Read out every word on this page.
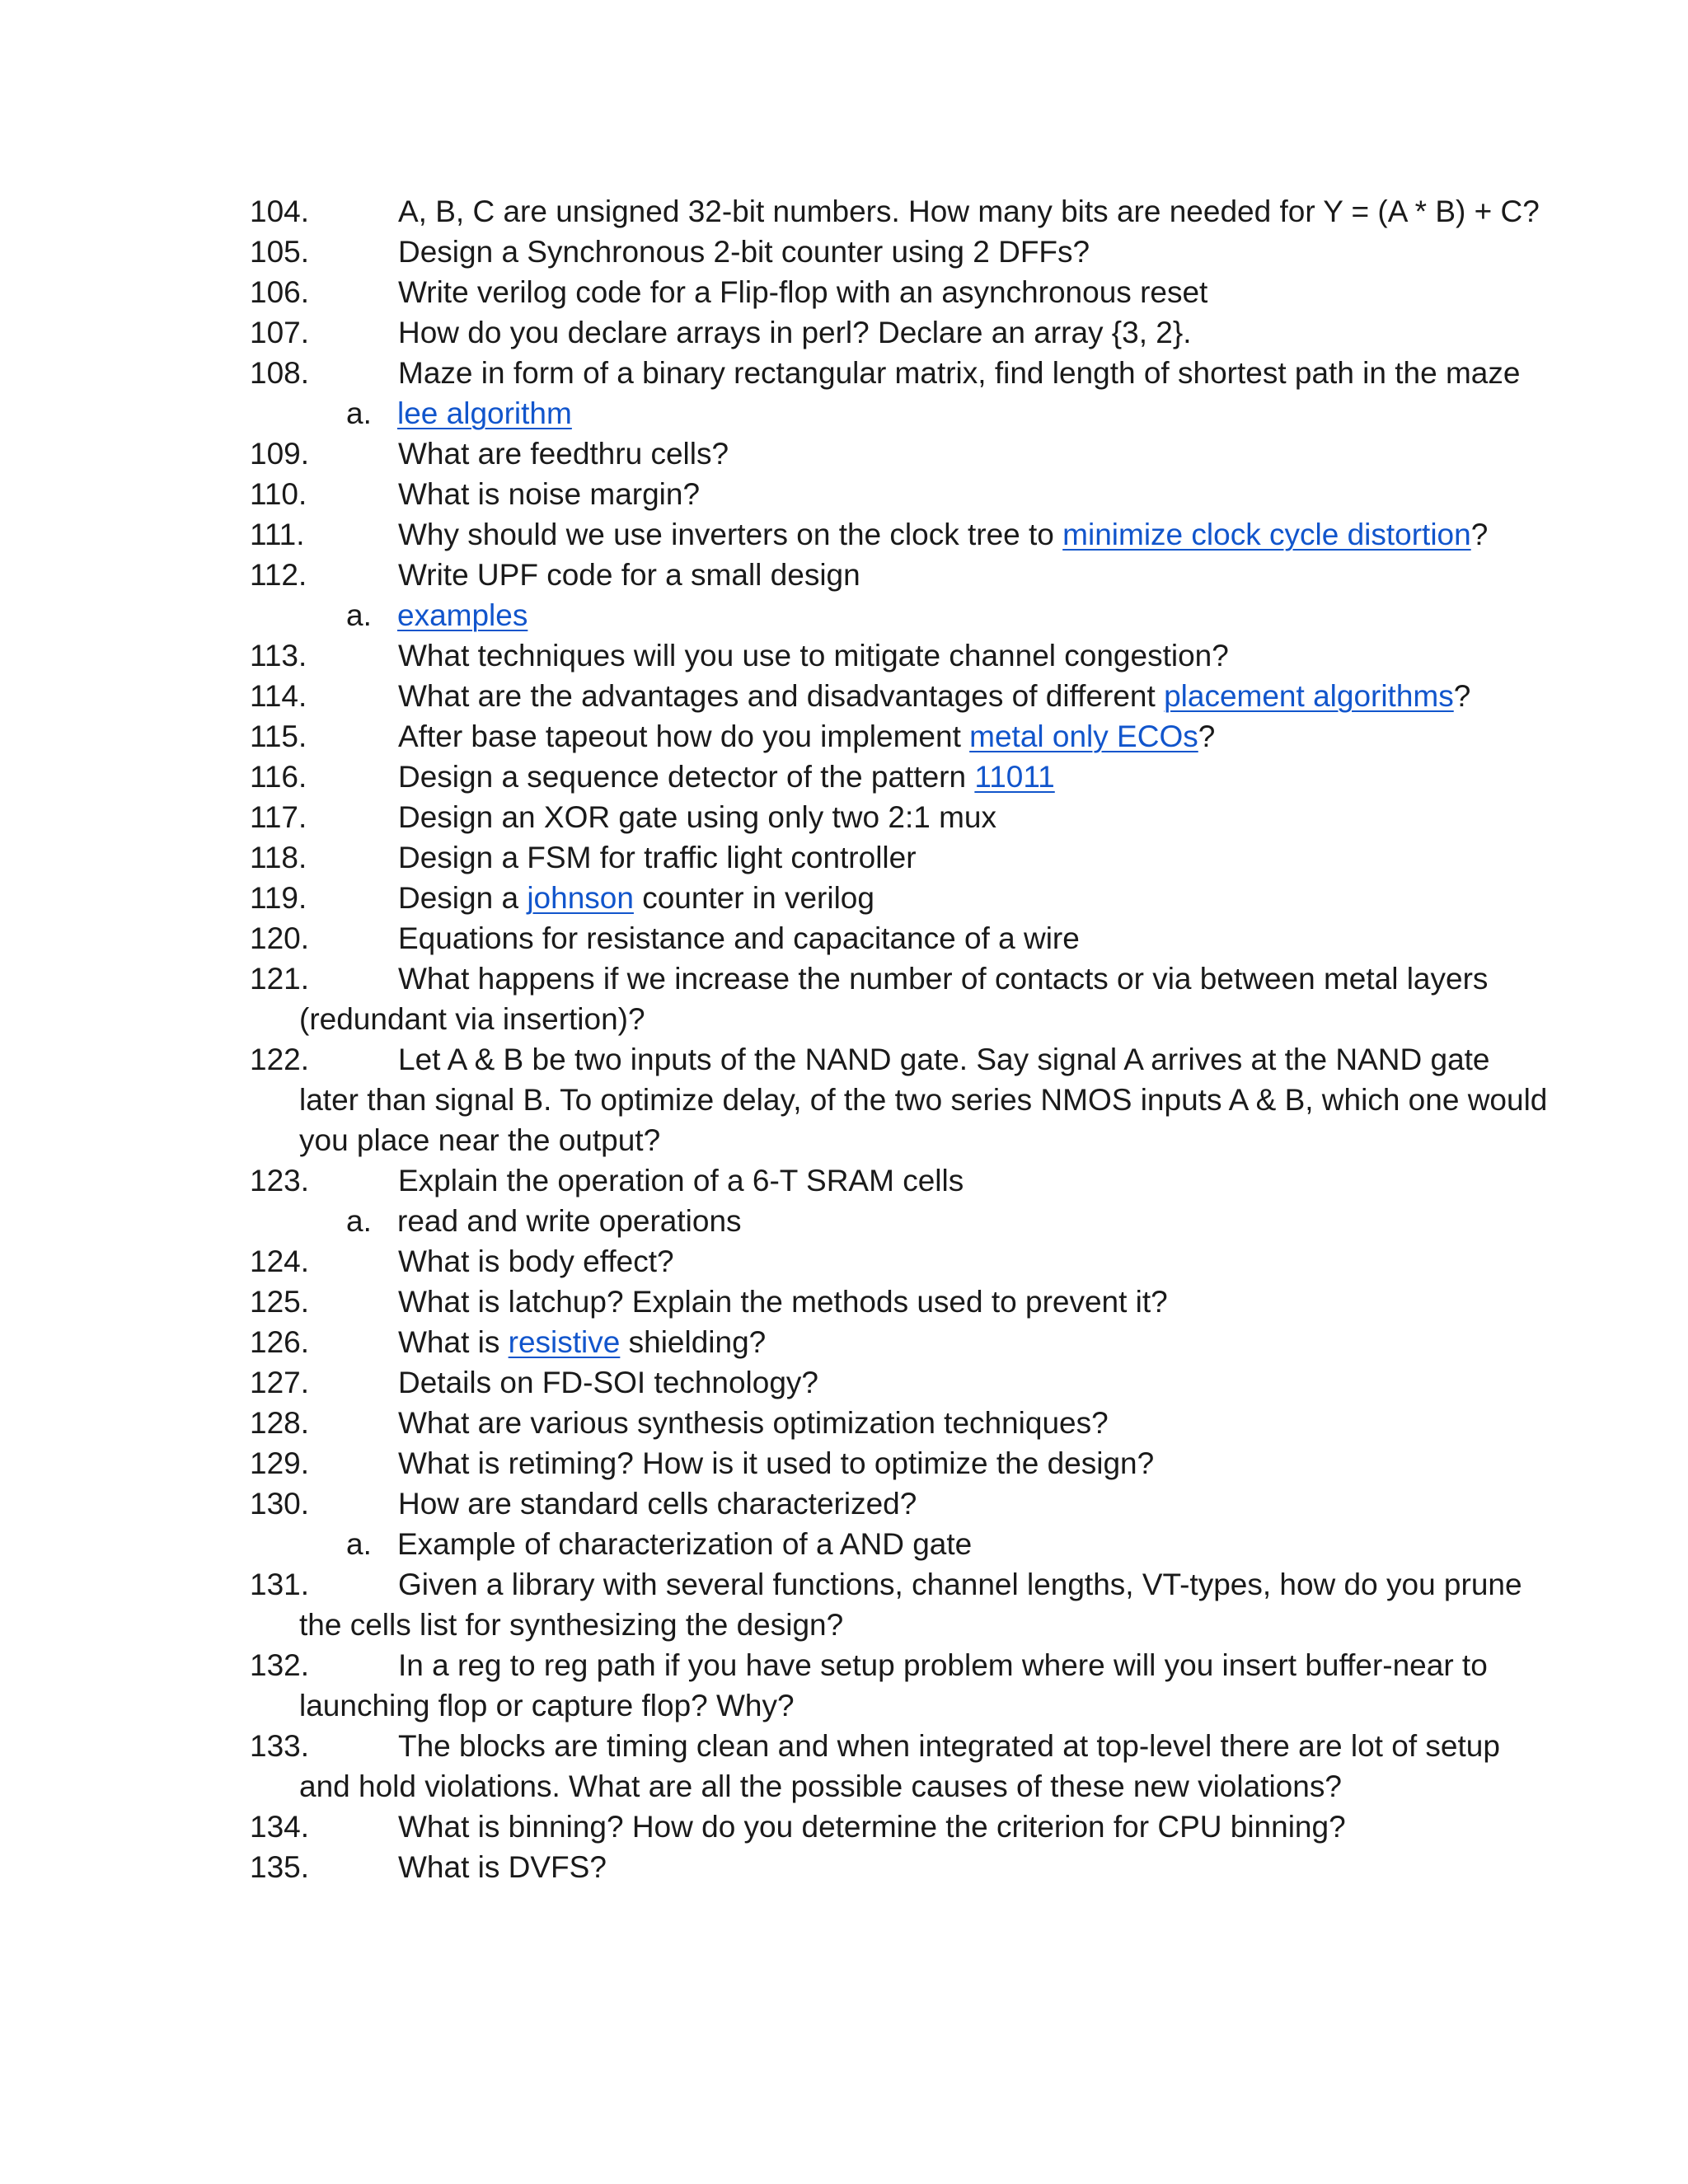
104.	A, B, C are unsigned 32-bit numbers. How many bits are needed for Y = (A * B) + C?
105.	Design a Synchronous 2-bit counter using 2 DFFs?
106.	Write verilog code for a Flip-flop with an asynchronous reset
107.	How do you declare arrays in perl? Declare an array {3, 2}.
108.	Maze in form of a binary rectangular matrix, find length of shortest path in the maze
a. lee algorithm
109.	What are feedthru cells?
110.	What is noise margin?
111.	Why should we use inverters on the clock tree to minimize clock cycle distortion?
112.	Write UPF code for a small design
a. examples
113.	What techniques will you use to mitigate channel congestion?
114.	What are the advantages and disadvantages of different placement algorithms?
115.	After base tapeout how do you implement metal only ECOs?
116.	Design a sequence detector of the pattern 11011
117.	Design an XOR gate using only two 2:1 mux
118.	Design a FSM for traffic light controller
119.	Design a johnson counter in verilog
120.	Equations for resistance and capacitance of a wire
121.	What happens if we increase the number of contacts or via between metal layers (redundant via insertion)?
122.	Let A & B be two inputs of the NAND gate. Say signal A arrives at the NAND gate later than signal B. To optimize delay, of the two series NMOS inputs A & B, which one would you place near the output?
123.	Explain the operation of a 6-T SRAM cells
a. read and write operations
124.	What is body effect?
125.	What is latchup? Explain the methods used to prevent it?
126.	What is resistive shielding?
127.	Details on FD-SOI technology?
128.	What are various synthesis optimization techniques?
129.	What is retiming? How is it used to optimize the design?
130.	How are standard cells characterized?
a. Example of characterization of a AND gate
131.	Given a library with several functions, channel lengths, VT-types, how do you prune the cells list for synthesizing the design?
132.	In a reg to reg path if you have setup problem where will you insert buffer-near to launching flop or capture flop? Why?
133.	The blocks are timing clean and when integrated at top-level there are lot of setup and hold violations. What are all the possible causes of these new violations?
134.	What is binning? How do you determine the criterion for CPU binning?
135.	What is DVFS?
